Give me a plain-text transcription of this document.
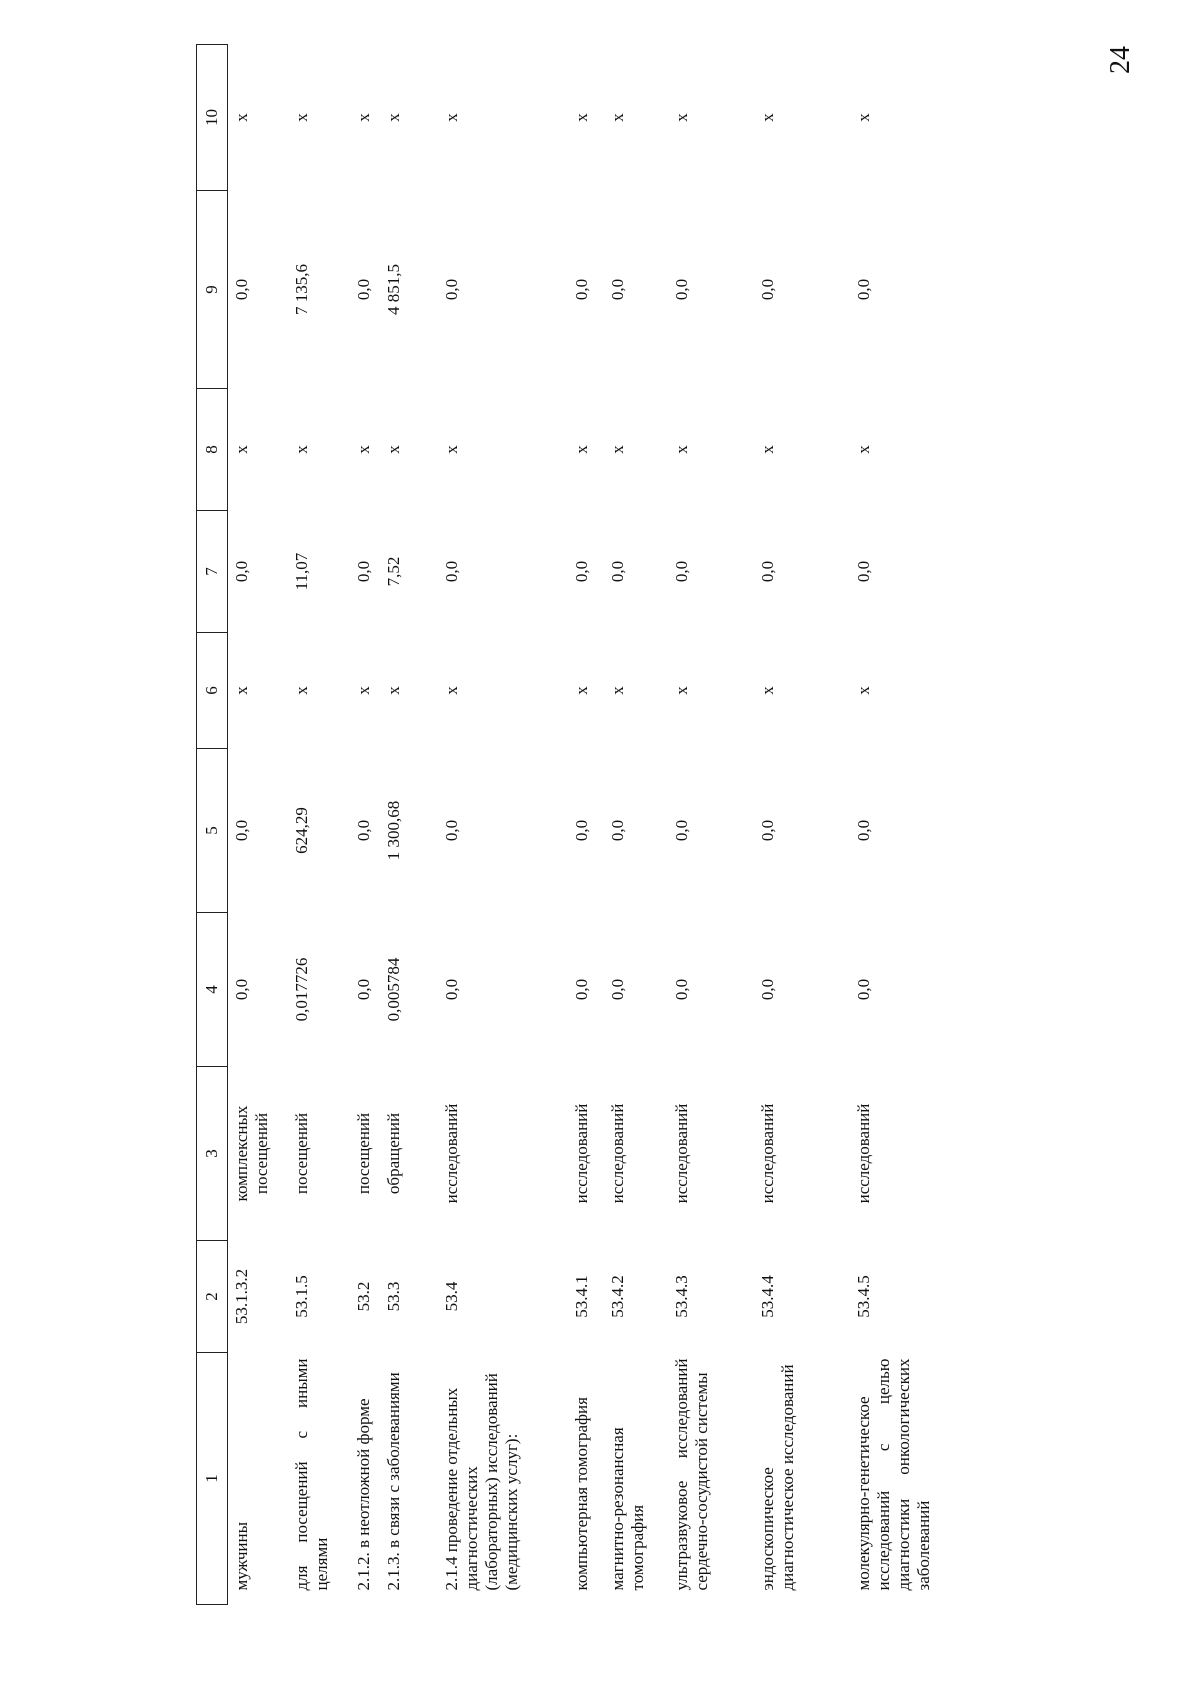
24
1	2	3	4	5	6	7	8	9	10
мужчины	53.1.3.2	комплексных посещений	0,0	0,0	х	0,0	х	0,0	х
для посещений с иными целями	53.1.5	посещений	0,017726	624,29	х	11,07	х	7 135,6	х
2.1.2. в неотложной форме	53.2	посещений	0,0	0,0	х	0,0	х	0,0	х
2.1.3. в связи с заболеваниями	53.3	обращений	0,005784	1 300,68	х	7,52	х	4 851,5	х
2.1.4 проведение отдельных диагностических (лабораторных) исследований (медицинских услуг):	53.4	исследований	0,0	0,0	х	0,0	х	0,0	х
компьютерная томография	53.4.1	исследований	0,0	0,0	х	0,0	х	0,0	х
магнитно-резонансная томография	53.4.2	исследований	0,0	0,0	х	0,0	х	0,0	х
ультразвуковое исследований сердечно-сосудистой системы	53.4.3	исследований	0,0	0,0	х	0,0	х	0,0	х
эндоскопическое диагностическое исследований	53.4.4	исследований	0,0	0,0	х	0,0	х	0,0	х
молекулярно-генетическое исследований с целью диагностики онкологических заболеваний	53.4.5	исследований	0,0	0,0	х	0,0	х	0,0	х
